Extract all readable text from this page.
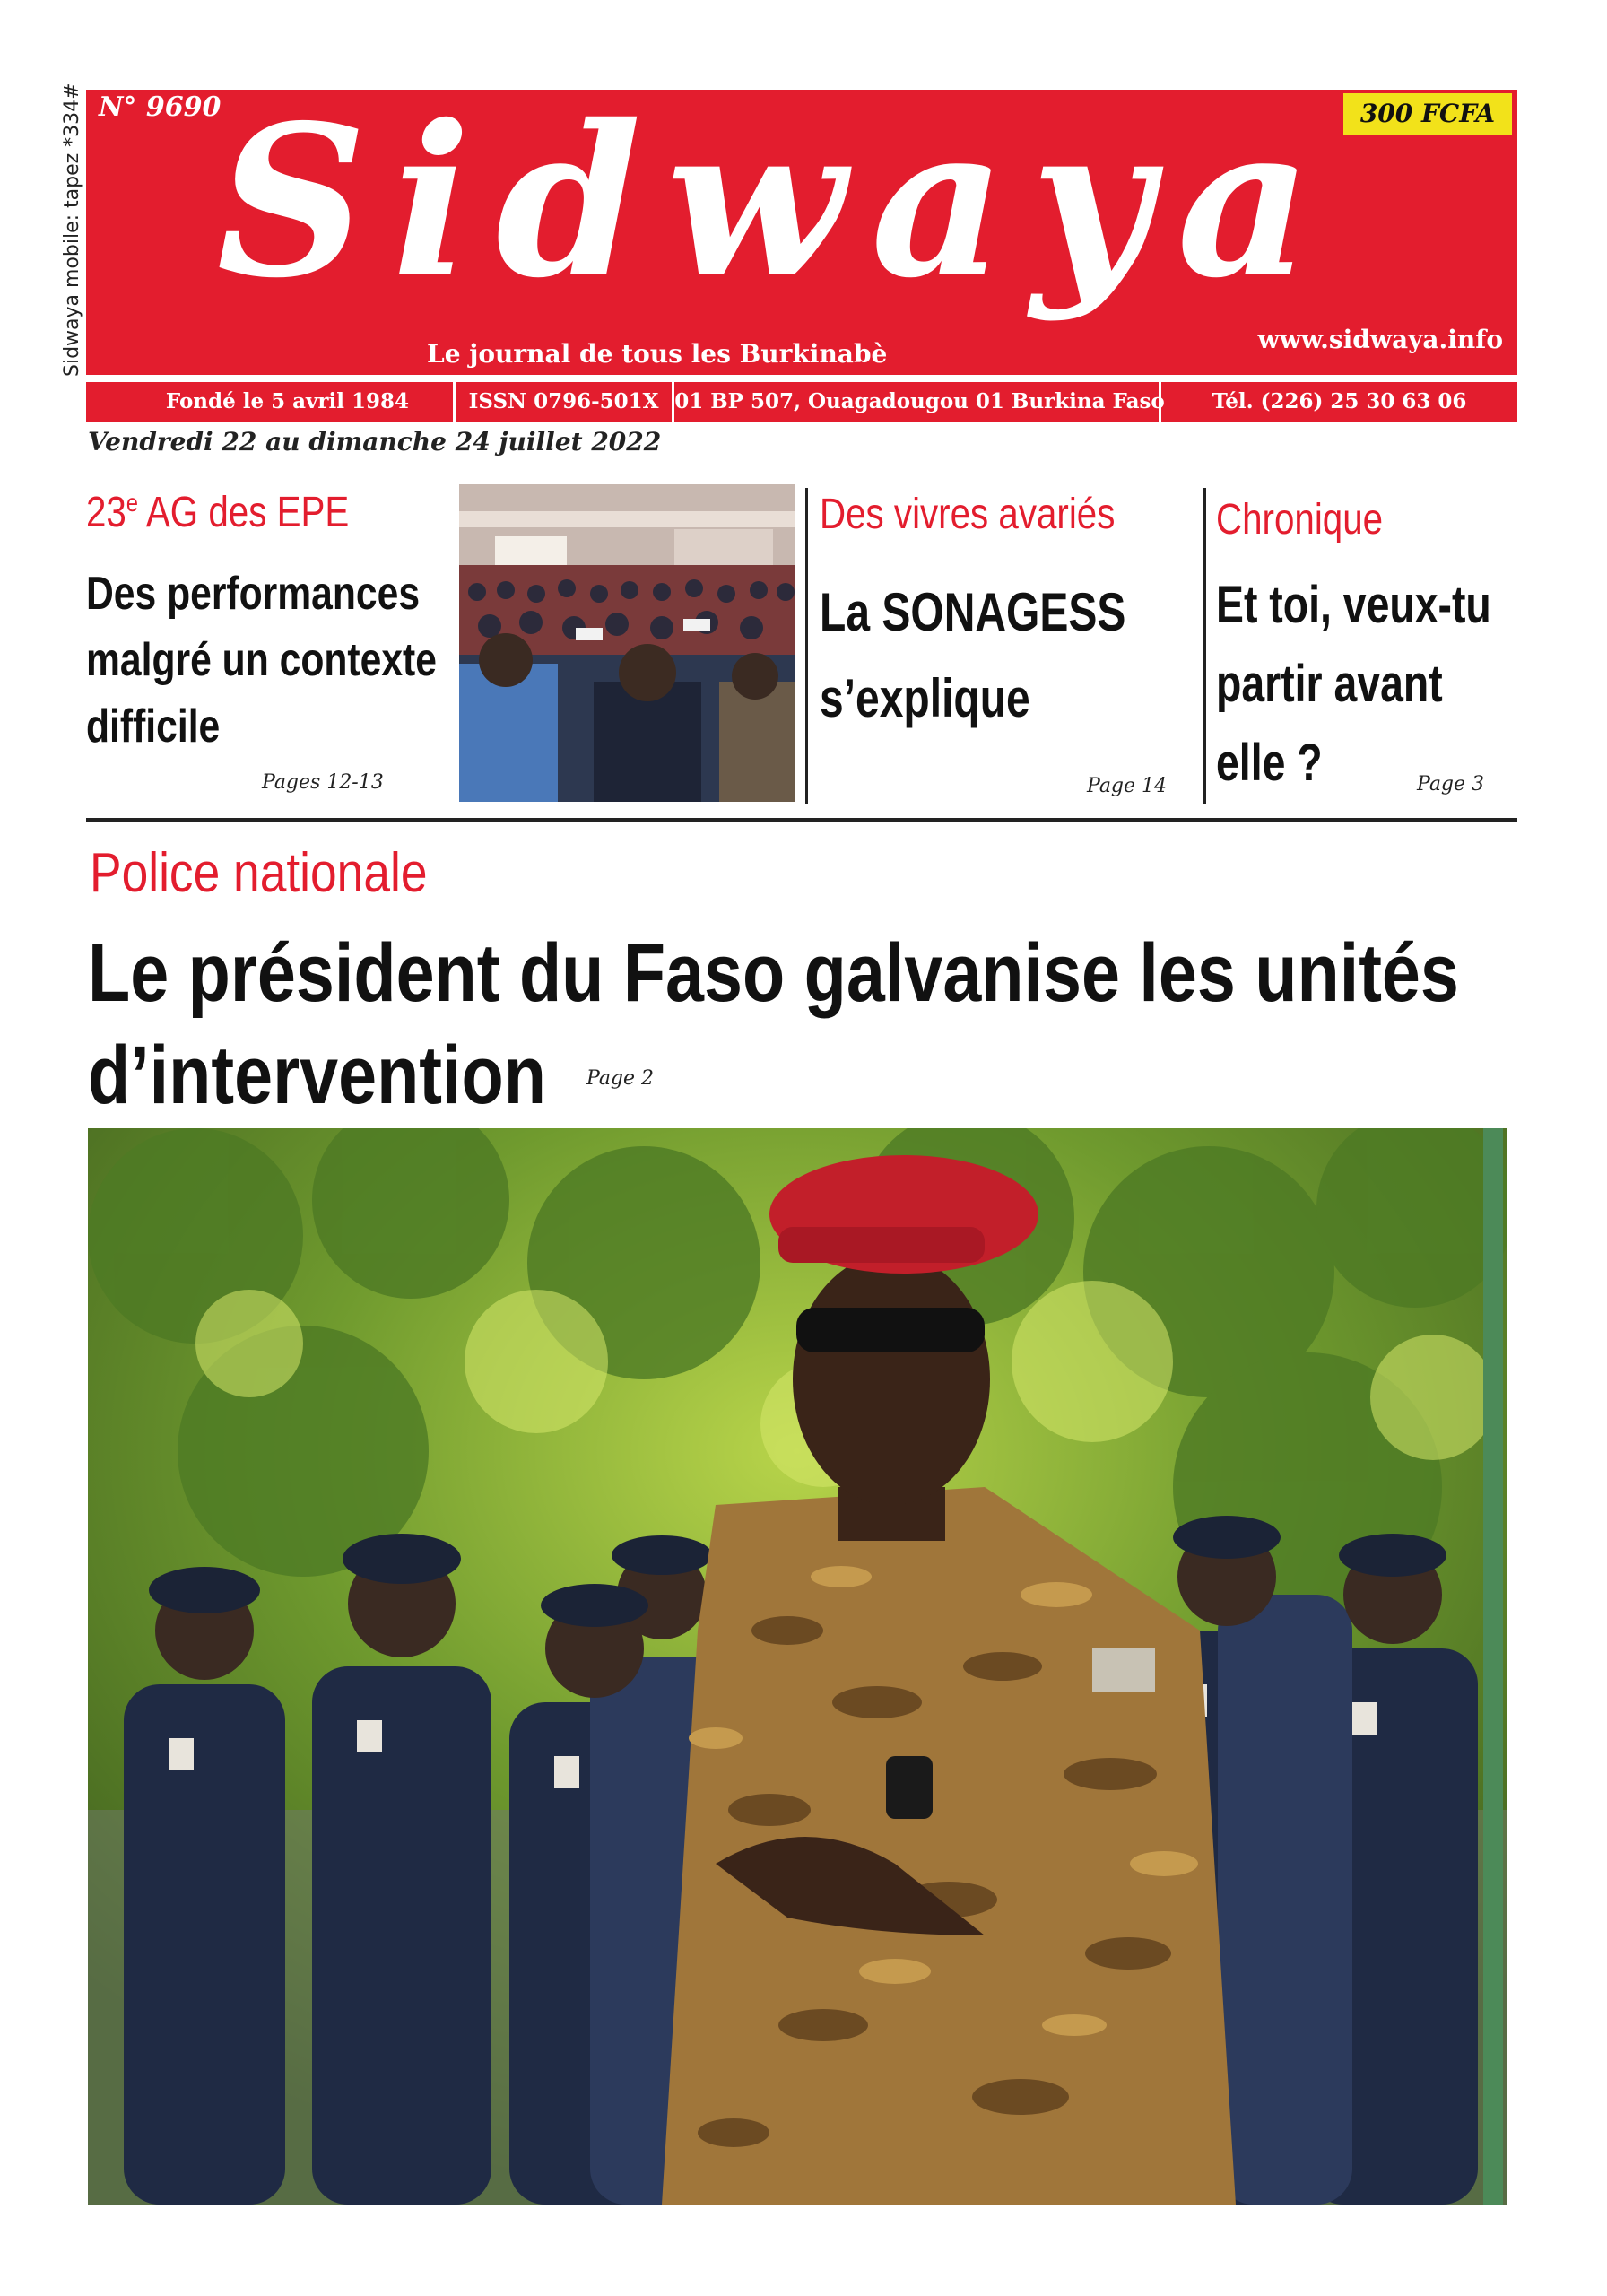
Sidwaya mobile: tapez *334# N° 9690	300 FCFA
Sidwaya
Le journal de tous les Burkinabè	www.sidwaya.info
Fondé le 5 avril 1984	ISSN 0796-501X 01 BP 507, Ouagadougou 01 Burkina Faso	Tél. (226) 25 30 63 06
Vendredi 22 au dimanche 24 juillet 2022
23e AG des EPE
Des performances malgré un contexte difficile
Pages 12-13
Des vivres avariés
La SONAGESS s’explique
Page 14
Chronique
Et toi, veux-tu partir avant elle ?	Page 3
Police nationale
Le président du Faso galvanise les unités d’intervention	Page 2
